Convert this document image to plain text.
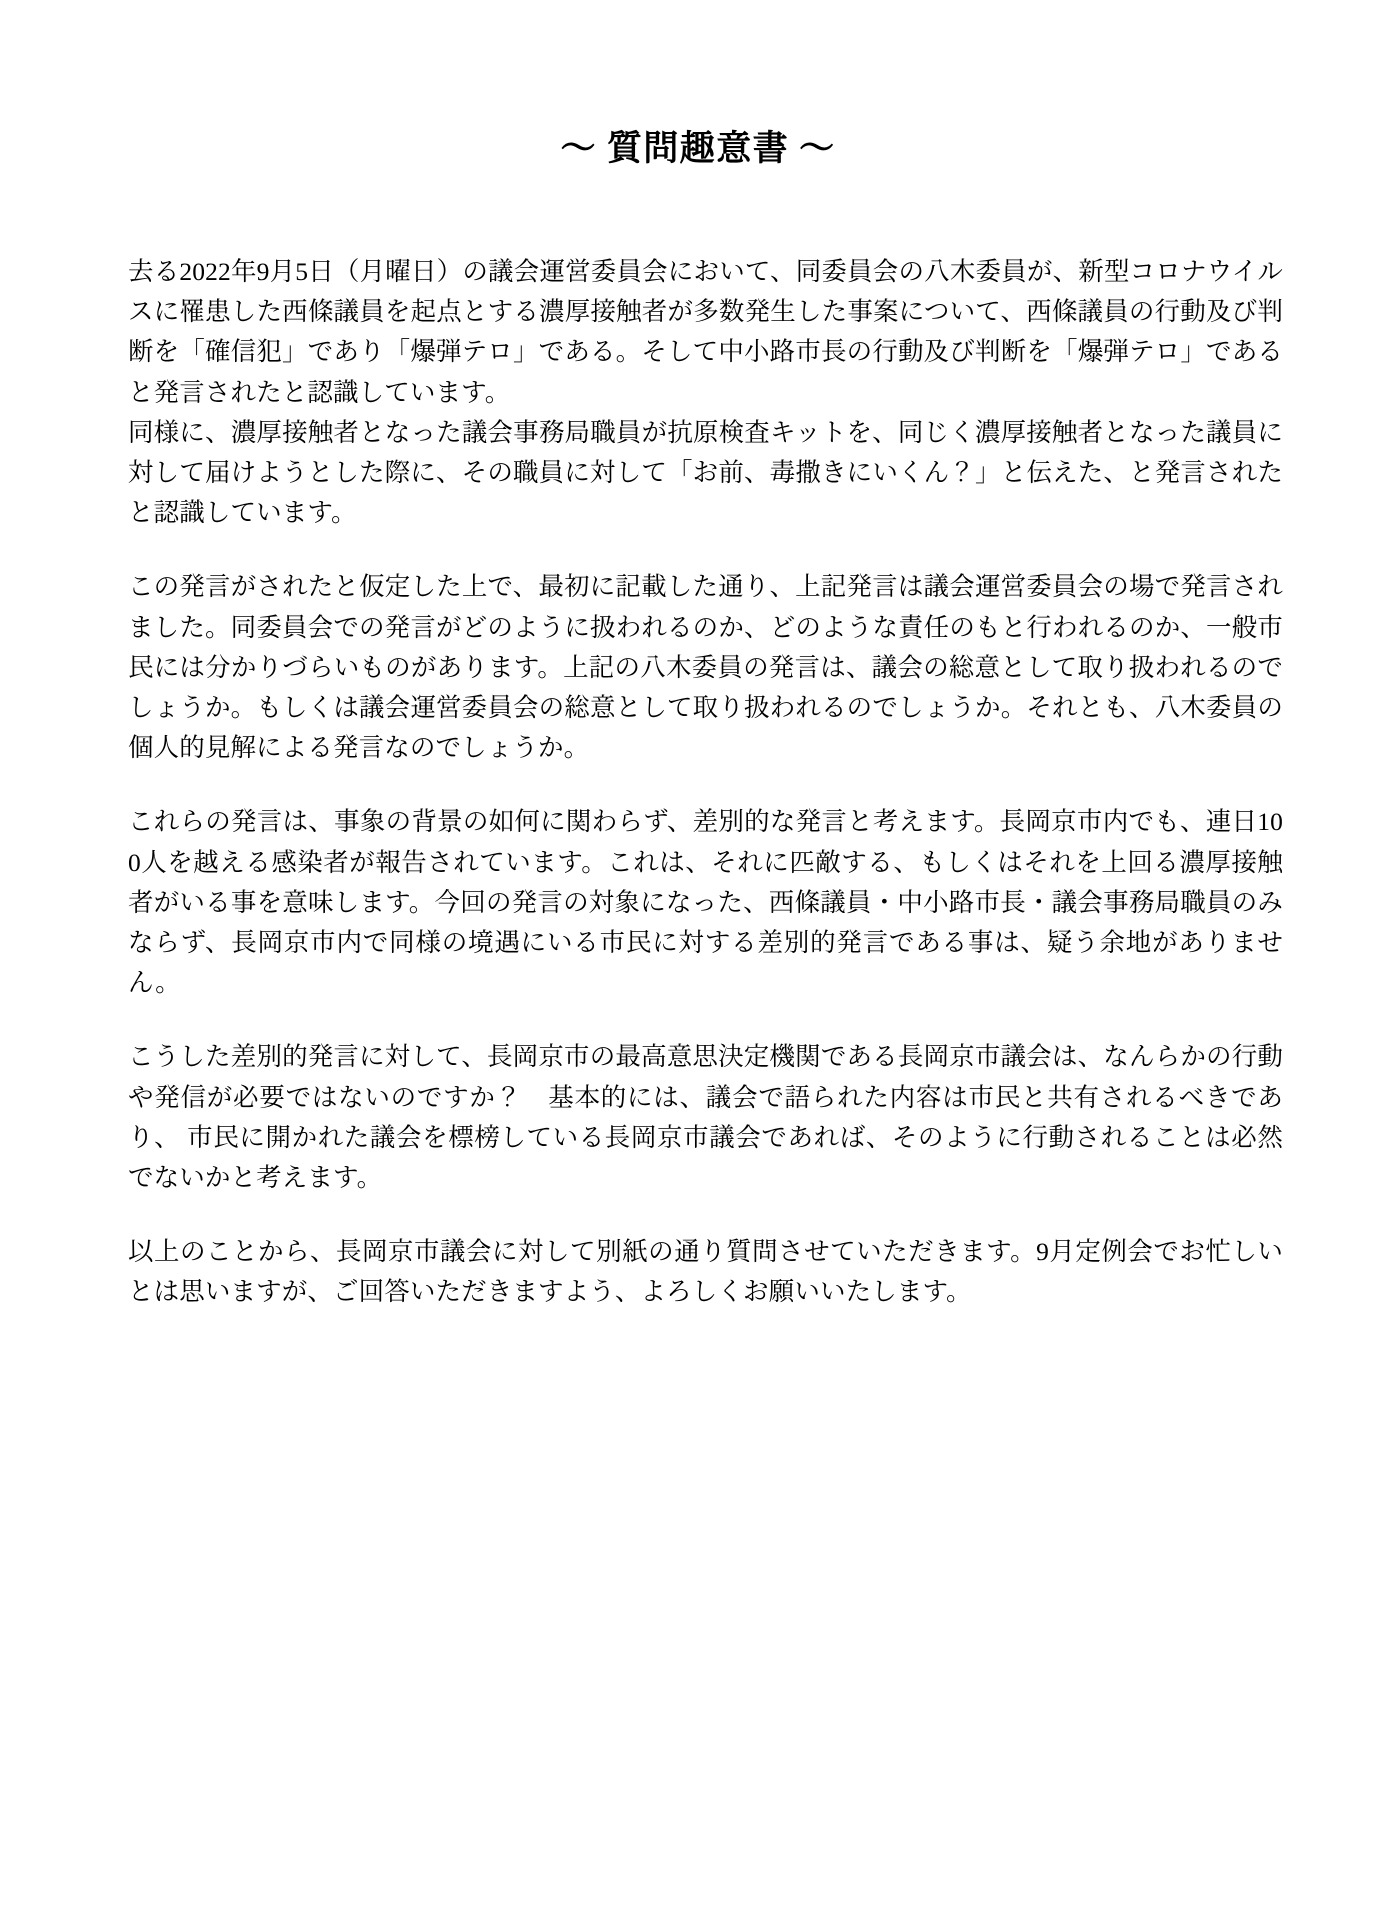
〜 質問趣意書 〜

去る2022年9月5日（月曜日）の議会運営委員会において、同委員会の八木委員が、新型コロナウイルスに罹患した西條議員を起点とする濃厚接触者が多数発生した事案について、西條議員の行動及び判断を「確信犯」であり「爆弾テロ」である。そして中小路市長の行動及び判断を「爆弾テロ」であると発言されたと認識しています。

同様に、濃厚接触者となった議会事務局職員が抗原検査キットを、同じく濃厚接触者となった議員に対して届けようとした際に、その職員に対して「お前、毒撒きにいくん？」と伝えた、と発言されたと認識しています。

この発言がされたと仮定した上で、最初に記載した通り、上記発言は議会運営委員会の場で発言されました。同委員会での発言がどのように扱われるのか、どのような責任のもと行われるのか、一般市民には分かりづらいものがあります。上記の八木委員の発言は、議会の総意として取り扱われるのでしょうか。もしくは議会運営委員会の総意として取り扱われるのでしょうか。それとも、八木委員の個人的見解による発言なのでしょうか。

これらの発言は、事象の背景の如何に関わらず、差別的な発言と考えます。長岡京市内でも、連日100人を越える感染者が報告されています。これは、それに匹敵する、もしくはそれを上回る濃厚接触者がいる事を意味します。今回の発言の対象になった、西條議員・中小路市長・議会事務局職員のみならず、長岡京市内で同様の境遇にいる市民に対する差別的発言である事は、疑う余地がありません。

こうした差別的発言に対して、長岡京市の最高意思決定機関である長岡京市議会は、なんらかの行動や発信が必要ではないのですか？　基本的には、議会で語られた内容は市民と共有されるべきであり、 市民に開かれた議会を標榜している長岡京市議会であれば、そのように行動されることは必然でないかと考えます。

以上のことから、長岡京市議会に対して別紙の通り質問させていただきます。9月定例会でお忙しいとは思いますが、ご回答いただきますよう、よろしくお願いいたします。
